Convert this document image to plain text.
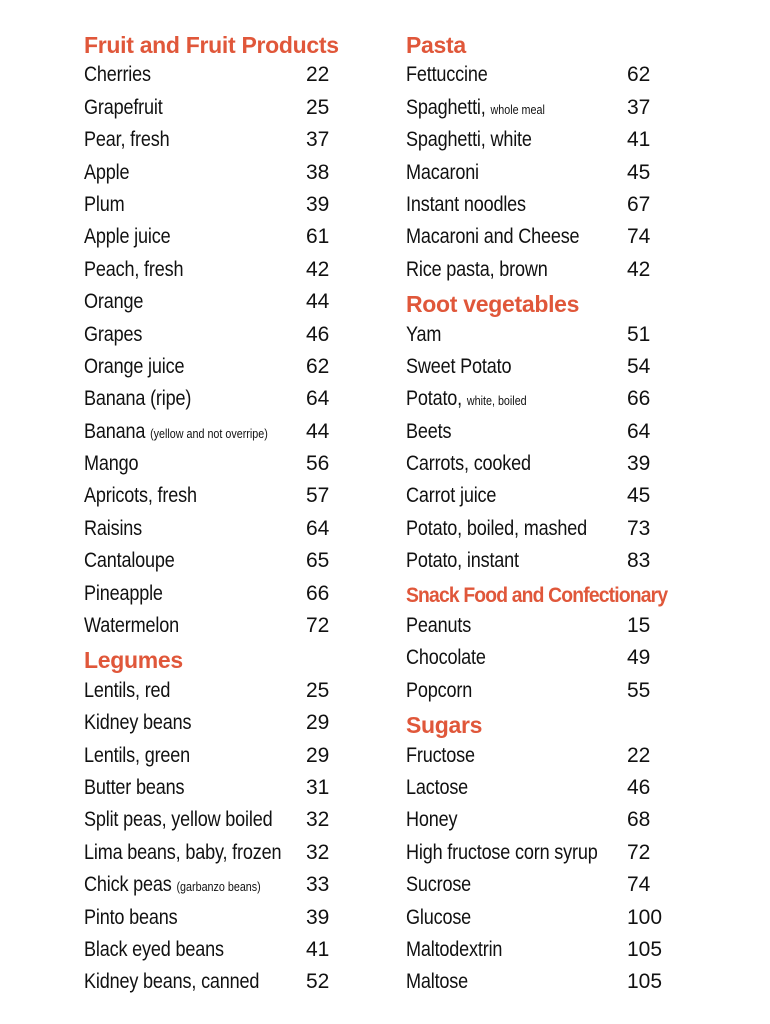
Fruit and Fruit Products
Cherries	22
Grapefruit	25
Pear, fresh	37
Apple	38
Plum	39
Apple juice	61
Peach, fresh	42
Orange	44
Grapes	46
Orange juice	62
Banana (ripe)	64
Banana (yellow and not overripe) 44
Mango	56
Apricots, fresh	57
Raisins	64
Cantaloupe	65
Pineapple	66
Watermelon	72
Legumes
Lentils, red	25
Kidney beans	29
Lentils, green	29
Butter beans	31
Split peas, yellow boiled 32
Lima beans, baby, frozen 32
Chick peas (garbanzo beans) 33
Pinto beans	39
Black eyed beans	41
Kidney beans, canned 52
Pasta
Fettuccine	62
Spaghetti, whole meal	37
Spaghetti, white	41
Macaroni	45
Instant noodles	67
Macaroni and Cheese 74
Rice pasta, brown	42
Root vegetables
Yam	51
Sweet Potato	54
Potato, white, boiled	66
Beets	64
Carrots, cooked	39
Carrot juice	45
Potato, boiled, mashed 73
Potato, instant	83
Snack Food and Confectionary
Peanuts	15
Chocolate	49
Popcorn	55
Sugars
Fructose	22
Lactose	46
Honey	68
High fructose corn syrup 72
Sucrose	74
Glucose	100
Maltodextrin	105
Maltose	105
